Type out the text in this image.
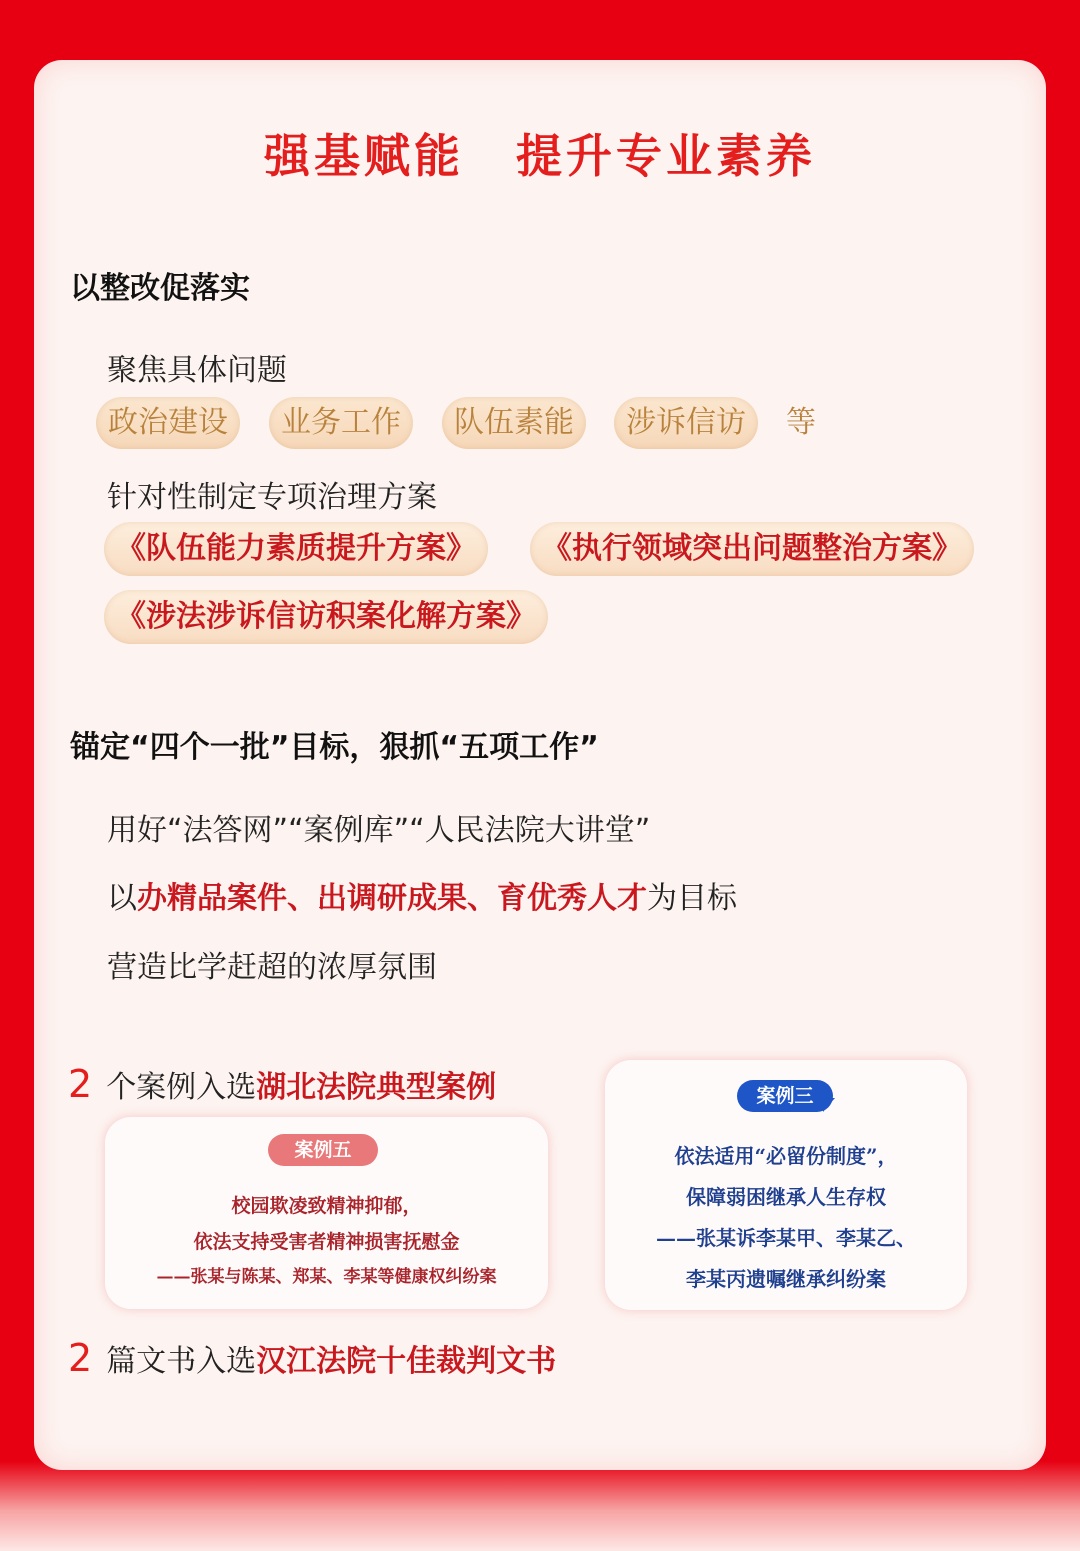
强基赋能 提升专业素养
以整改促落实
聚焦具体问题
政治建设	业务工作	队伍素能	涉诉信访	等
针对性制定专项治理方案
《队伍能力素质提升方案》	《执行领域突出问题整治方案》
《涉法涉诉信访积案化解方案》
锚定“四个一批”目标，狠抓“五项工作”
用好“法答网”“案例库”“人民法院大讲堂”
以办精品案件、出调研成果、育优秀人才为目标
营造比学赶超的浓厚氛围
2 个案例入选湖北法院典型案例
案例五

校园欺凌致精神抑郁，

依法支持受害者精神损害抚慰金

——张某与陈某、郑某、李某等健康权纠纷案

案例三

依法适用“必留份制度”，

保障弱困继承人生存权

——张某诉李某甲、李某乙、

李某丙遗嘱继承纠纷案

2 篇文书入选汉江法院十佳裁判文书
